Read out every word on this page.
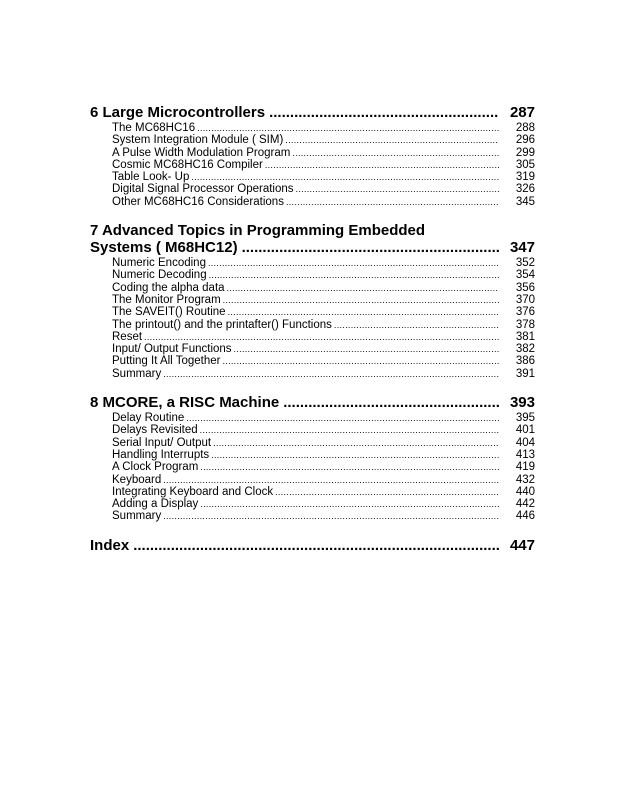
6 Large Microcontrollers .....	287
The MC68HC16 .....	288
System Integration Module ( SIM) .....	296
A Pulse Width Modulation Program .....	299
Cosmic MC68HC16 Compiler .....	305
Table Look- Up .....	319
Digital Signal Processor Operations .....	326
Other MC68HC16 Considerations .....	345
7 Advanced Topics in Programming Embedded
Systems ( M68HC12) .....	347
Numeric Encoding .....	352
Numeric Decoding .....	354
Coding the alpha data .....	356
The Monitor Program .....	370
The SAVEIT() Routine .....	376
The printout() and the printafter() Functions .....	378
Reset .....	381
Input/ Output Functions .....	382
Putting It All Together .....	386
Summary .....	391
8 MCORE, a RISC Machine .....	393
Delay Routine .....	395
Delays Revisited .....	401
Serial Input/ Output .....	404
Handling Interrupts .....	413
A Clock Program .....	419
Keyboard .....	432
Integrating Keyboard and Clock .....	440
Adding a Display .....	442
Summary .....	446
Index .....	447
